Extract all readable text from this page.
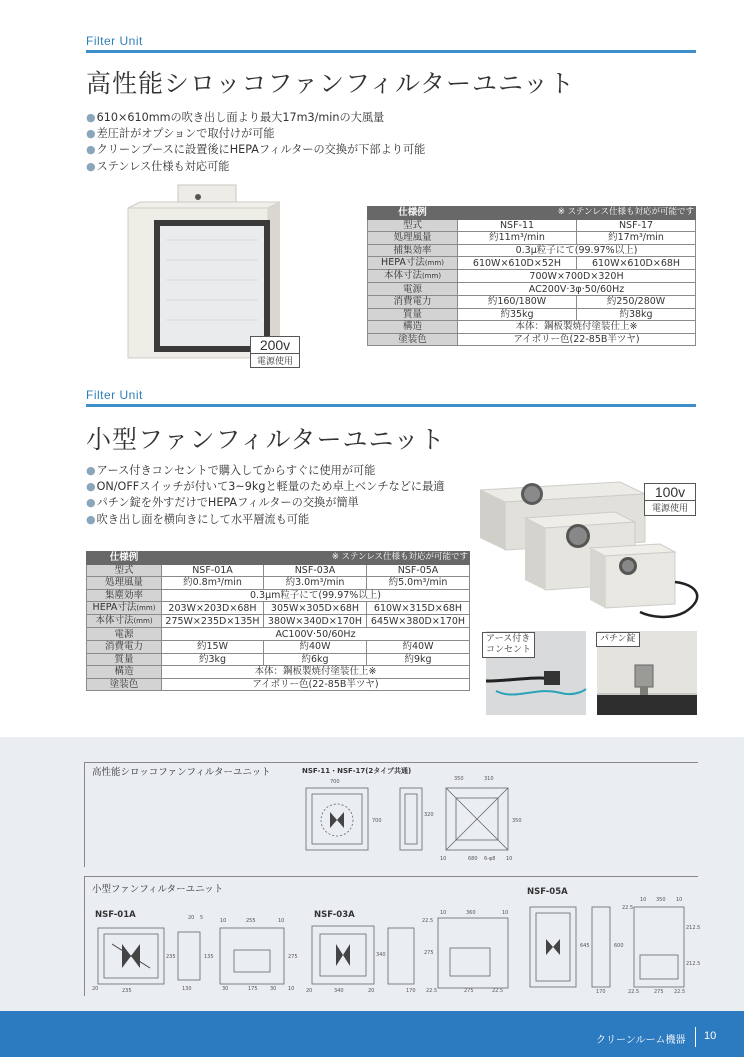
Filter Unit
高性能シロッコファンフィルターユニット
● 610×610mmの吹き出し面より最大17m3/minの大風量
● 差圧計がオプションで取付けが可能
● クリーンブースに設置後にHEPAフィルターの交換が下部より可能
● ステンレス仕様も対応可能
200v
電源使用
仕様例	※ ステンレス仕様も対応が可能です	

型式	NSF-11	NSF-17
処理風量	約11m³/min	約17m³/min
捕集効率	0.3μ粒子にて(99.97%以上)	
HEPA寸法(mm)	610W×610D×52H	610W×610D×68H
本体寸法(mm)	700W×700D×320H	
電源	AC200V·3φ·50/60Hz	
消費電力	約160/180W	約250/280W
質量	約35kg	約38kg
構造	本体：鋼板製焼付塗装仕上※	
塗装色	アイボリー色(22-85B半ツヤ)	
Filter Unit
小型ファンフィルターユニット
● アース付きコンセントで購入してからすぐに使用が可能
● ON/OFFスイッチが付いて3~9kgと軽量のため卓上ベンチなどに最適
● パチン錠を外すだけでHEPAフィルターの交換が簡単
● 吹き出し面を横向きにして水平層流も可能
100v
電源使用
アース付き
コンセント
パチン錠
仕様例	※ ステンレス仕様も対応が可能です		

型式	NSF-01A	NSF-03A	NSF-05A
処理風量	約0.8m³/min	約3.0m³/min	約5.0m³/min
集塵効率	0.3μm粒子にて(99.97%以上)		
HEPA寸法(mm)	203W×203D×68H	305W×305D×68H	610W×315D×68H
本体寸法(mm)	275W×235D×135H	380W×340D×170H	645W×380D×170H
電源	AC100V·50/60Hz		
消費電力	約15W	約40W	約40W
質量	約3kg	約6kg	約9kg
構造	本体：鋼板製焼付塗装仕上※		
塗装色	アイボリー色(22-85B半ツヤ)		
高性能シロッコファンフィルターユニット
小型ファンフィルターユニット
NSF-11・NSF-17(2タイプ共通)
700	350	310
700
320
350
680 6-φ8
10	10
NSF-01A
235
20 5	10	255	10
135	275
235
130	30	175 30
20	10
NSF-03A	10	360	10
22.5
275
170
340
20	340	20	22.5	275	22.5
NSF-05A
10 350 10
645	600
22.5
212.5
212.5
22.5	275 22.5
170
クリーンルーム機器 10
